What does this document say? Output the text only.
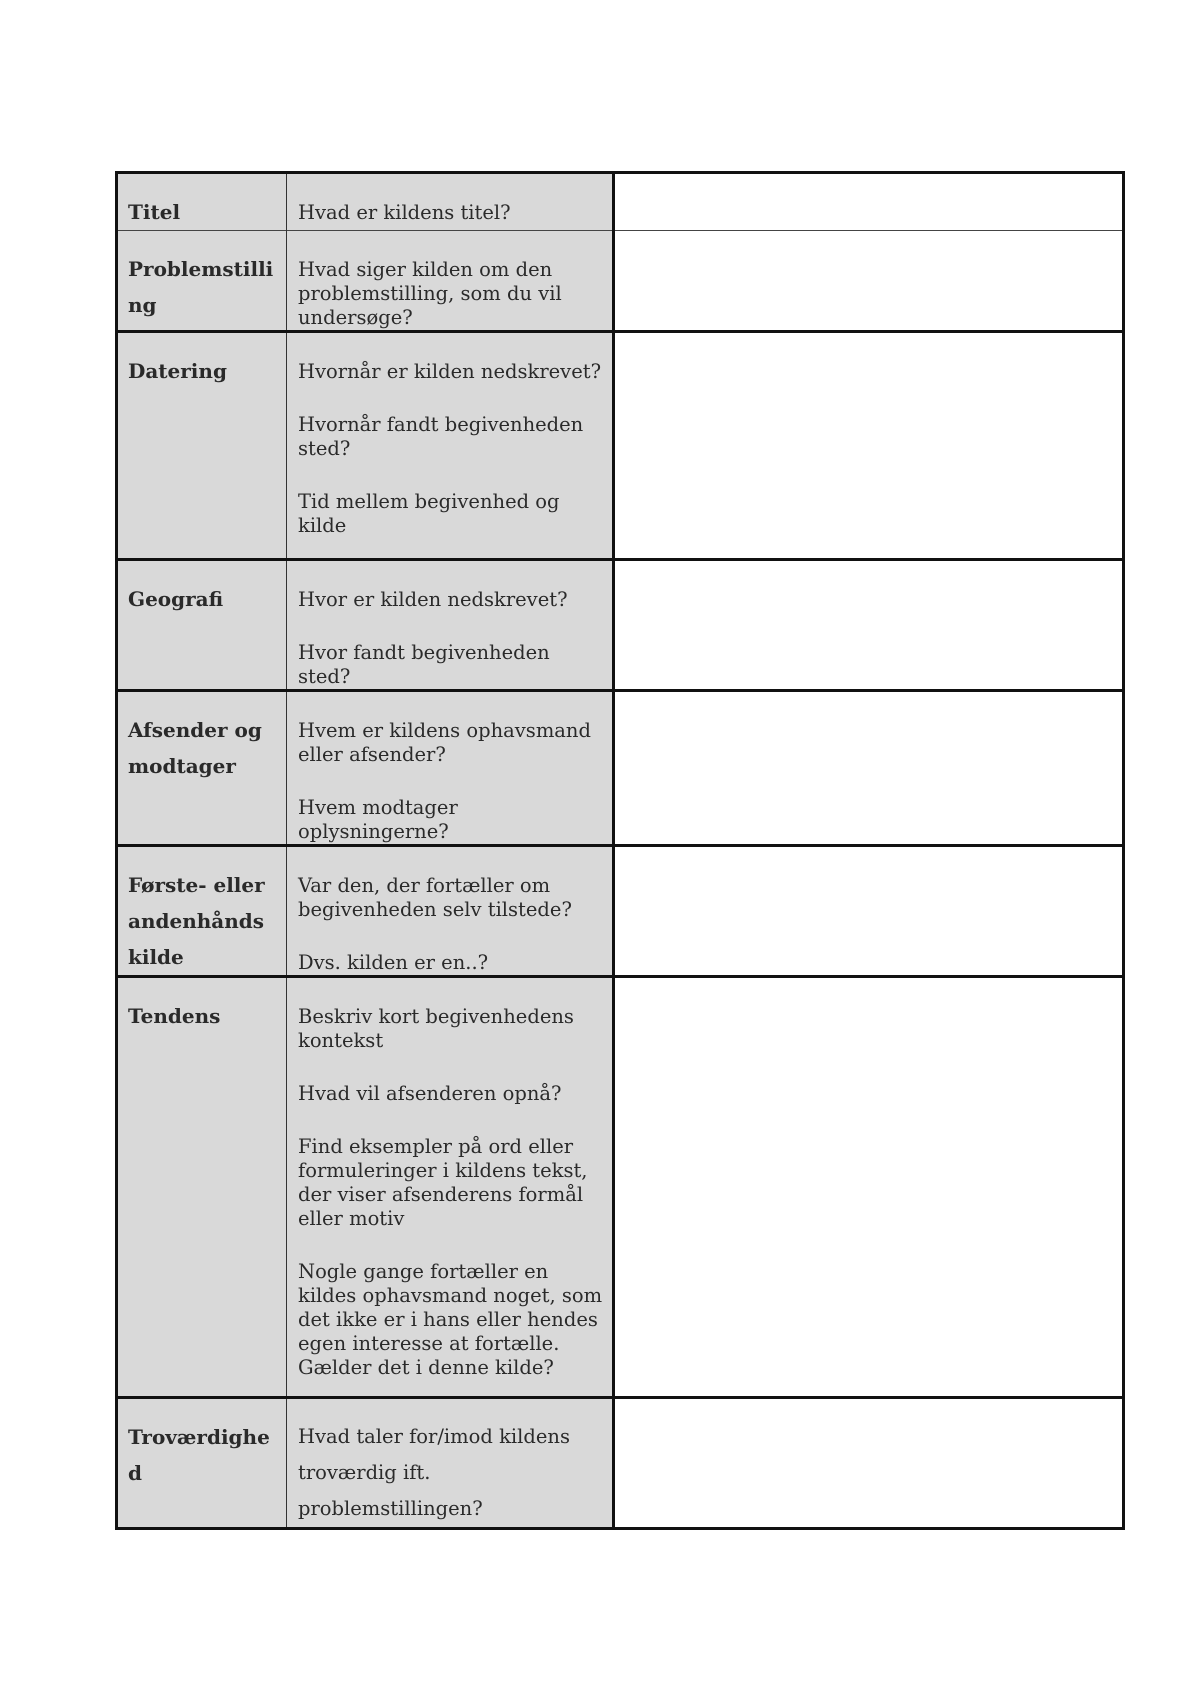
Titel	Hvad er kildens titel?	

Problemstilling	Hvad siger kilden om den problemstilling, som du vil undersøge?	

Datering	Hvornår er kilden nedskrevet?

Hvornår fandt begivenheden sted?

Tid mellem begivenhed og kilde	

Geografi	Hvor er kilden nedskrevet?

Hvor fandt begivenheden sted?	

Afsender og modtager	Hvem er kildens ophavsmand eller afsender?

Hvem modtager oplysningerne?	

Første- eller andenhånds kilde	Var den, der fortæller om begivenheden selv tilstede?

Dvs. kilden er en..?	

Tendens	Beskriv kort begivenhedens kontekst

Hvad vil afsenderen opnå?

Find eksempler på ord eller formuleringer i kildens tekst, der viser afsenderens formål eller motiv

Nogle gange fortæller en kildes ophavsmand noget, som det ikke er i hans eller hendes egen interesse at fortælle. Gælder det i denne kilde?	

Troværdighed	Hvad taler for/imod kildens troværdig ift. problemstillingen?	
